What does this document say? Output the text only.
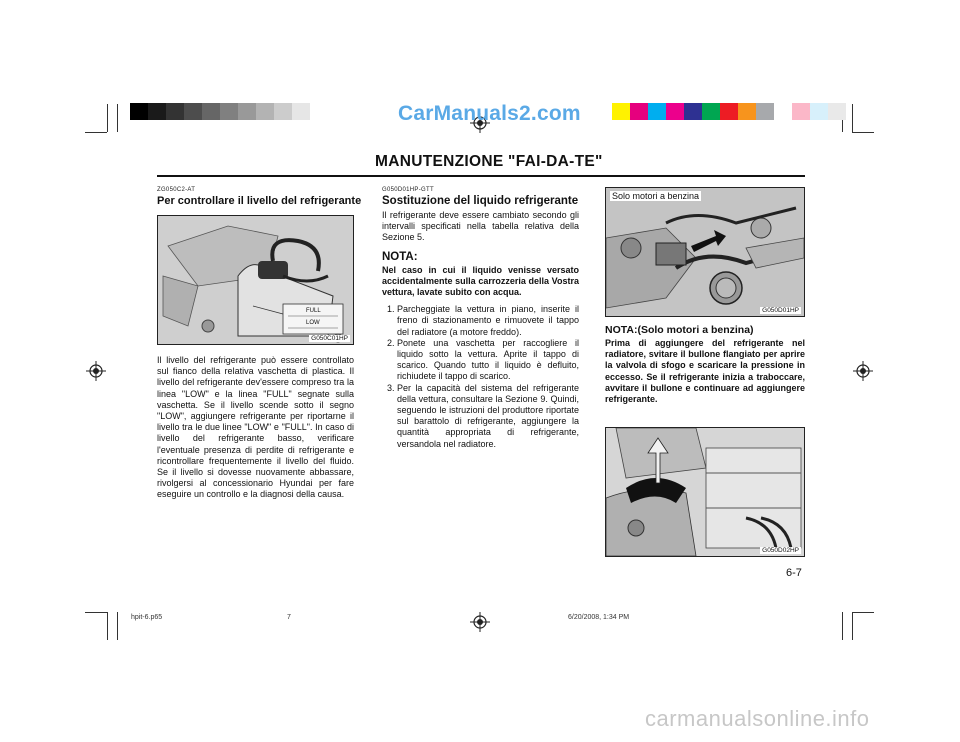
CarManuals2.com
MANUTENZIONE "FAI-DA-TE"
ZG050C2-AT
Per controllare il livello del refrigerante
FULL
LOW
G050C01HP
Il livello del refrigerante può essere controllato sul fianco della relativa vaschetta di plastica. Il livello del refrigerante dev'essere compreso tra la linea "LOW" e la linea "FULL" segnate sulla vaschetta. Se il livello scende sotto il segno "LOW", aggiungere refrigerante per riportarne il livello tra le due linee "LOW" e "FULL". In caso di livello del refrigerante basso, verificare l'eventuale presenza di perdite di refrigerante e ricontrollare frequentemente il livello del fluido. Se il livello si dovesse nuovamente abbassare, rivolgersi al concessionario Hyundai per fare eseguire un controllo e la diagnosi della causa.
G050D01HP-GTT
Sostituzione del liquido refrigerante
Il refrigerante deve essere cambiato secondo gli intervalli specificati nella tabella relativa della Sezione 5.
NOTA:
Nel caso in cui il liquido venisse versato accidentalmente sulla carrozzeria della Vostra vettura, lavate subito con acqua.
1. Parcheggiate la vettura in piano, inserite il freno di stazionamento e rimuovete il tappo del radiatore (a motore freddo).
2. Ponete una vaschetta per raccogliere il liquido sotto la vettura. Aprite il tappo di scarico. Quando tutto il liquido è defluito, richiudete il tappo di scarico.
3. Per la capacità del sistema del refrigerante della vettura, consultare la Sezione 9. Quindi, seguendo le istruzioni del produttore riportate sul barattolo di refrigerante, aggiungere la quantità appropriata di refrigerante, versandola nel radiatore.
Solo motori a benzina
G050D01HP
NOTA:(Solo motori a benzina)
Prima di aggiungere del refrigerante nel radiatore, svitare il bullone flangiato per aprire la valvola di sfogo e scaricare la pressione in eccesso. Se il refrigerante inizia a traboccare, avvitare il bullone e continuare ad aggiungere refrigerante.
G050D02HP
6-7
hpit-6.p65	7	6/20/2008, 1:34 PM
carmanualsonline.info
